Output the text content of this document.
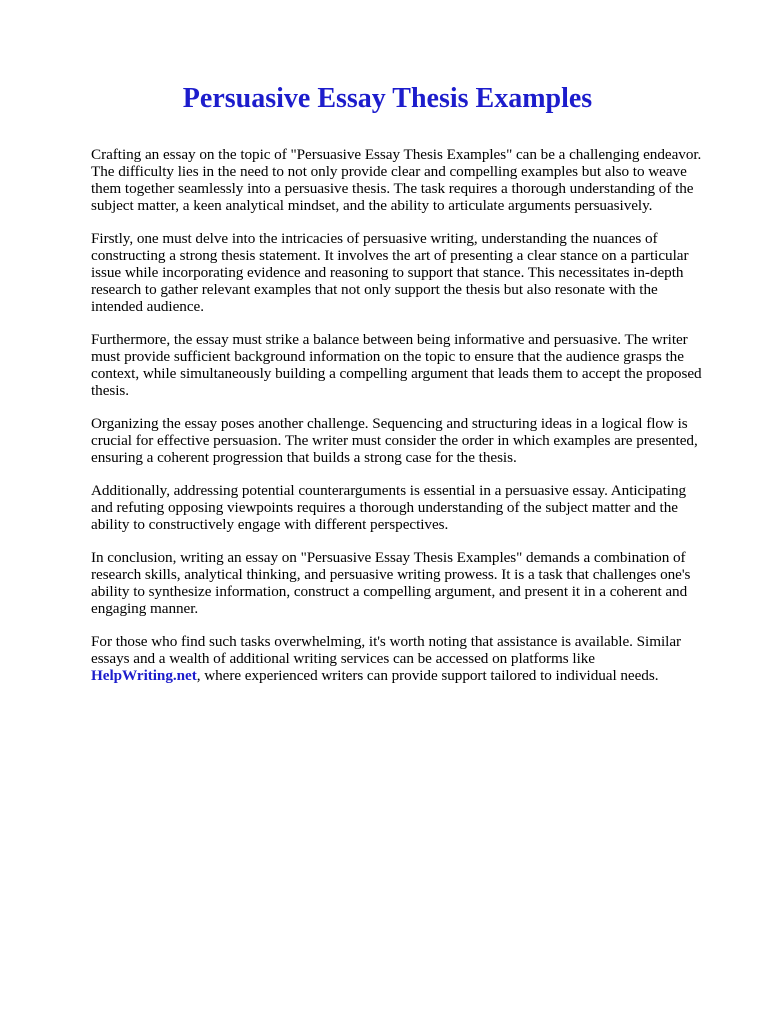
Persuasive Essay Thesis Examples

Crafting an essay on the topic of "Persuasive Essay Thesis Examples" can be a challenging endeavor. The difficulty lies in the need to not only provide clear and compelling examples but also to weave them together seamlessly into a persuasive thesis. The task requires a thorough understanding of the subject matter, a keen analytical mindset, and the ability to articulate arguments persuasively.

Firstly, one must delve into the intricacies of persuasive writing, understanding the nuances of constructing a strong thesis statement. It involves the art of presenting a clear stance on a particular issue while incorporating evidence and reasoning to support that stance. This necessitates in-depth research to gather relevant examples that not only support the thesis but also resonate with the intended audience.

Furthermore, the essay must strike a balance between being informative and persuasive. The writer must provide sufficient background information on the topic to ensure that the audience grasps the context, while simultaneously building a compelling argument that leads them to accept the proposed thesis.

Organizing the essay poses another challenge. Sequencing and structuring ideas in a logical flow is crucial for effective persuasion. The writer must consider the order in which examples are presented, ensuring a coherent progression that builds a strong case for the thesis.

Additionally, addressing potential counterarguments is essential in a persuasive essay. Anticipating and refuting opposing viewpoints requires a thorough understanding of the subject matter and the ability to constructively engage with different perspectives.

In conclusion, writing an essay on "Persuasive Essay Thesis Examples" demands a combination of research skills, analytical thinking, and persuasive writing prowess. It is a task that challenges one's ability to synthesize information, construct a compelling argument, and present it in a coherent and engaging manner.

For those who find such tasks overwhelming, it's worth noting that assistance is available. Similar essays and a wealth of additional writing services can be accessed on platforms like HelpWriting.net, where experienced writers can provide support tailored to individual needs.
